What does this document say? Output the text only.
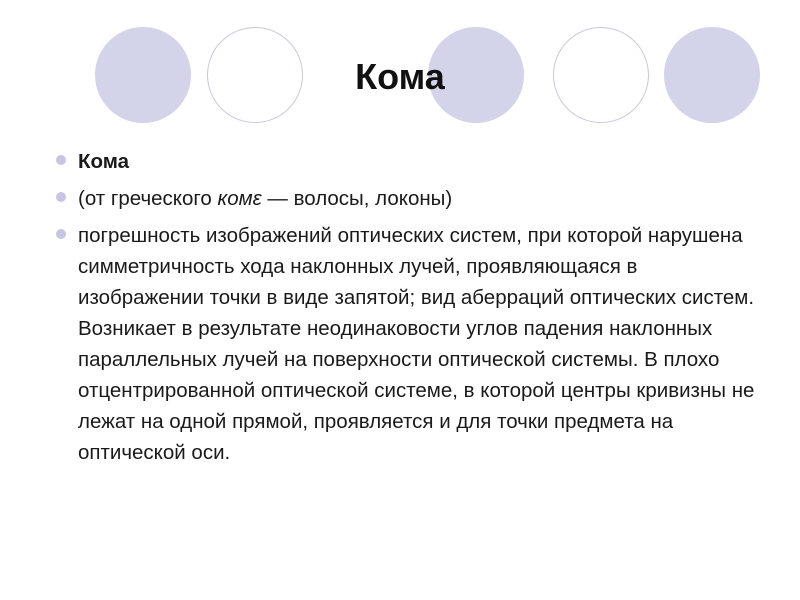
Кома
Кома
(от греческого комε — волосы, локоны)
погрешность изображений оптических систем, при которой нарушена симметричность хода наклонных лучей, проявляющаяся в изображении точки в виде запятой; вид аберраций оптических систем. Возникает в результате неодинаковости углов падения наклонных параллельных лучей на поверхности оптической системы. В плохо отцентрированной оптической системе, в которой центры кривизны не лежат на одной прямой, проявляется и для точки предмета на оптической оси.
